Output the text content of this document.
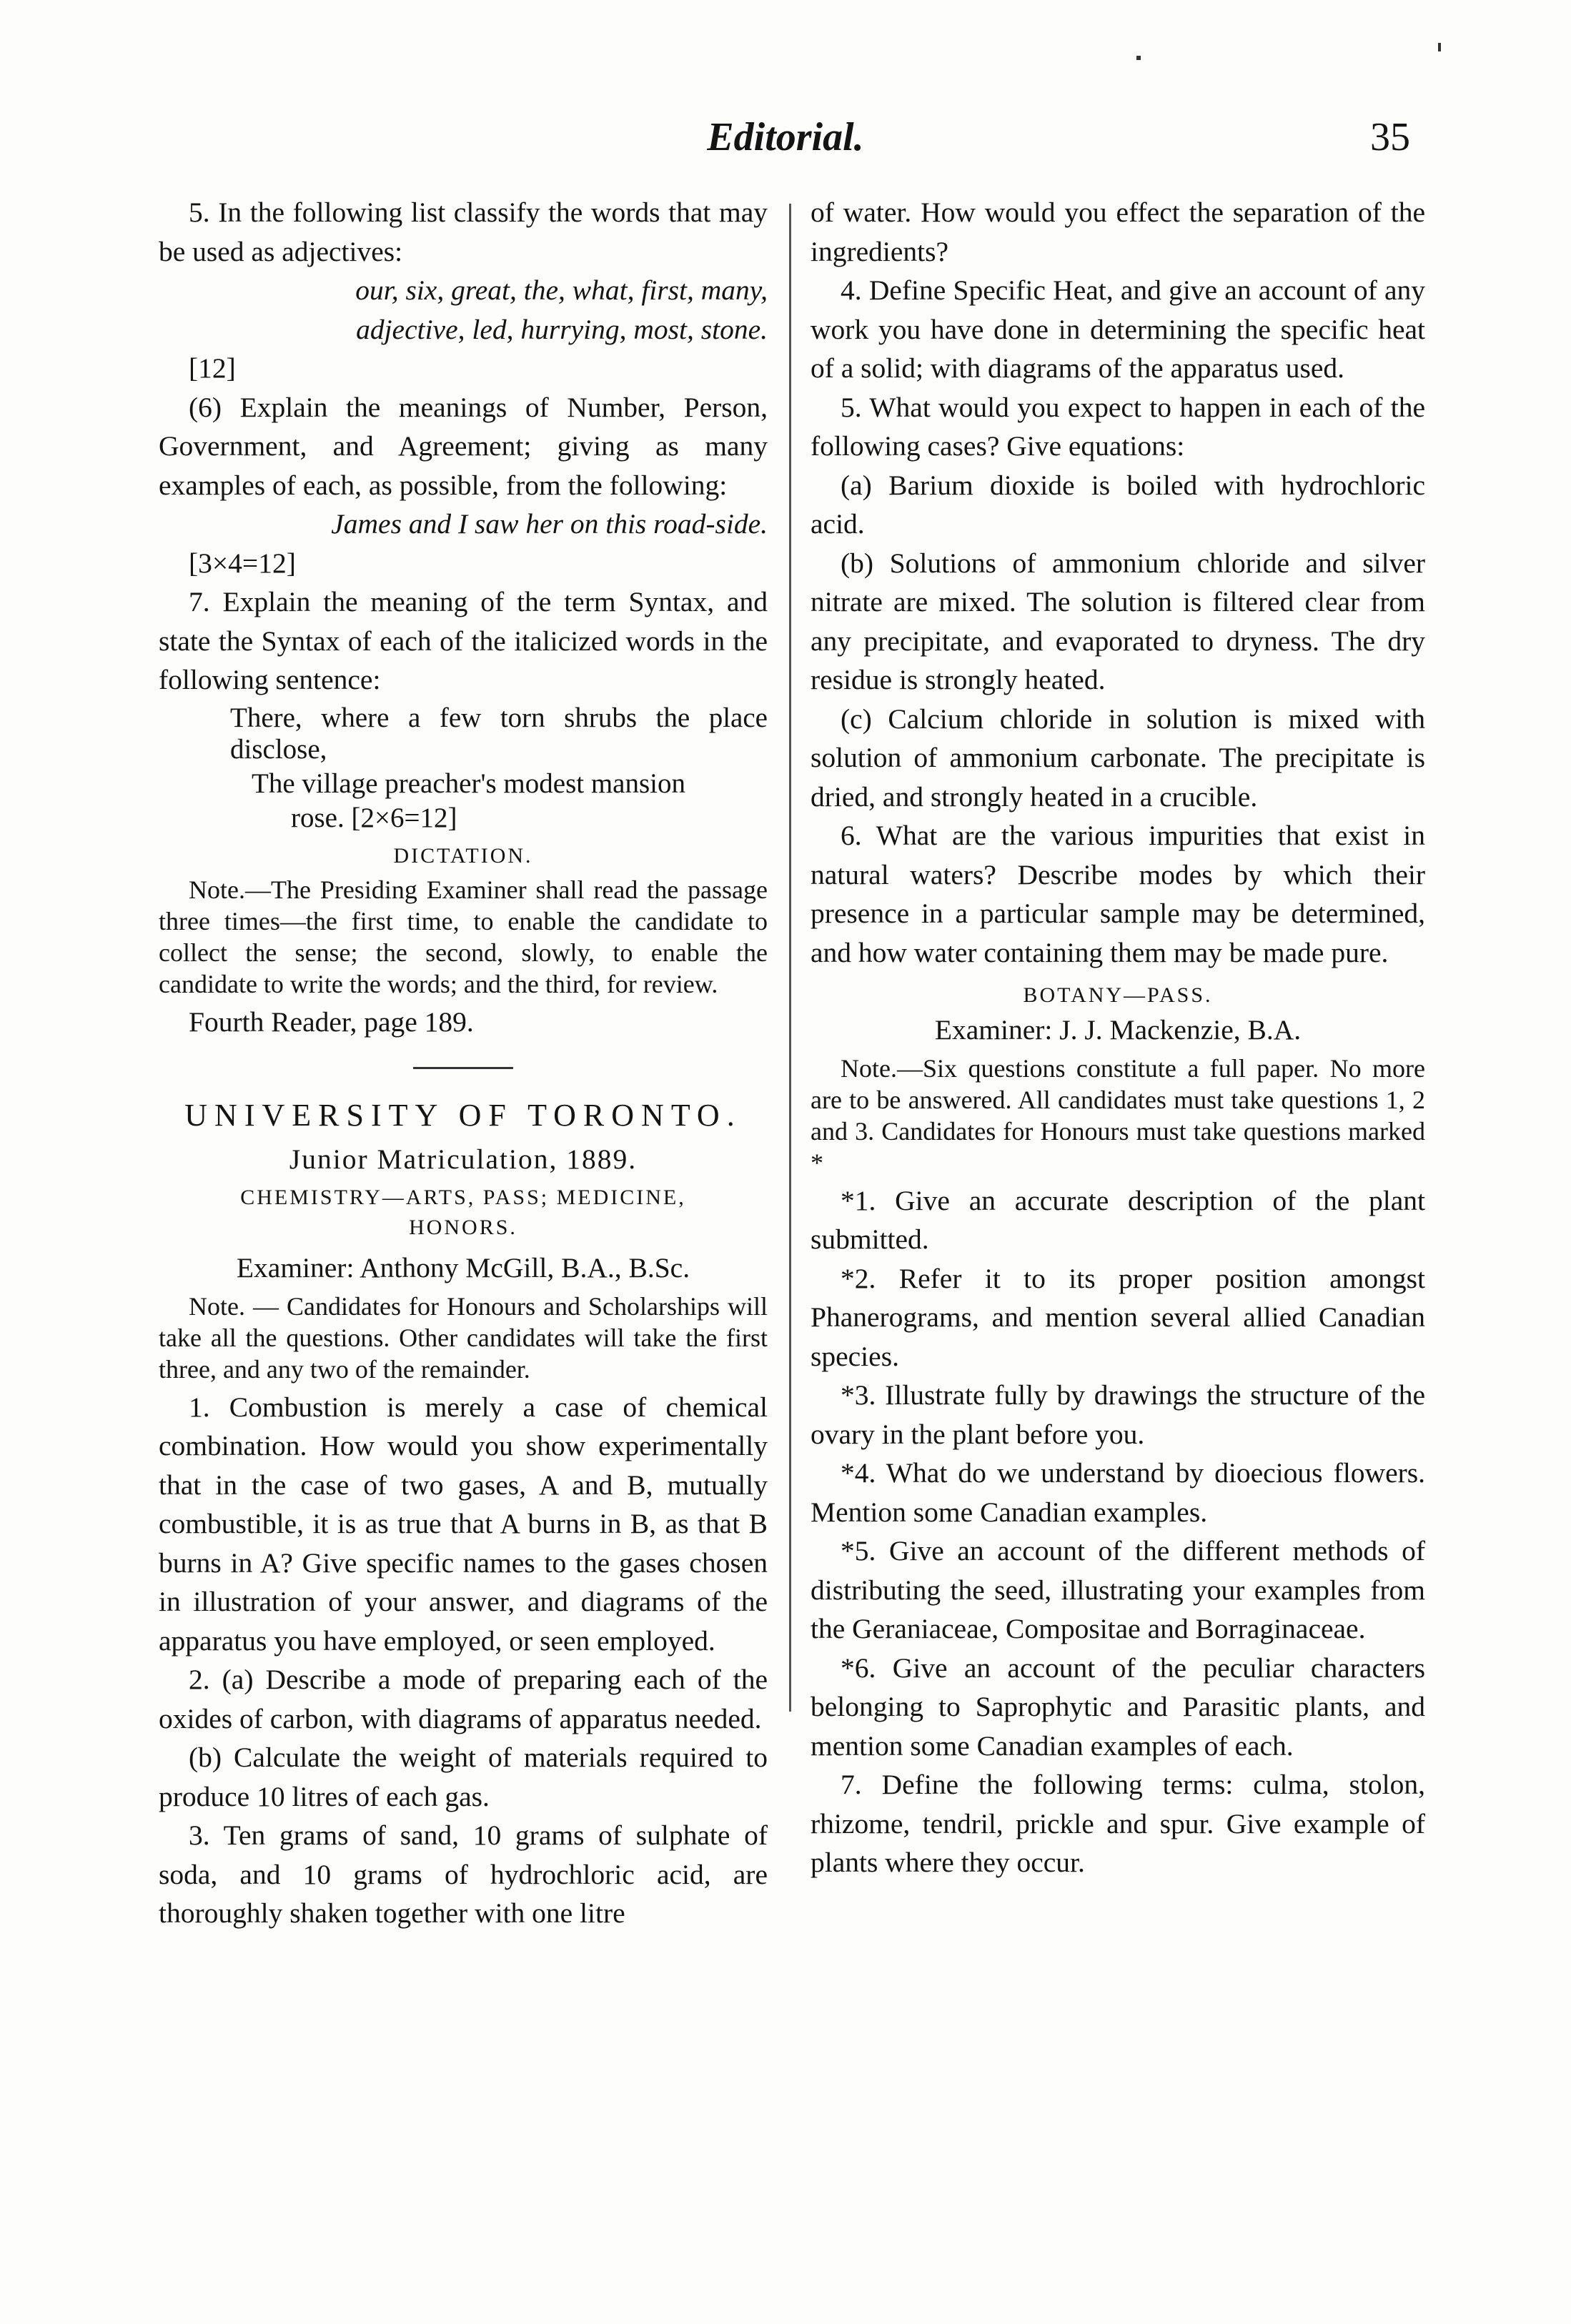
Editorial.	35

5. In the following list classify the words that may be used as adjectives:

our, six, great, the, what, first, many,

adjective, led, hurrying, most, stone.

[12]

(6) Explain the meanings of Number, Person, Government, and Agreement; giving as many examples of each, as possible, from the following:

James and I saw her on this road-side.

[3×4=12]

7. Explain the meaning of the term Syntax, and state the Syntax of each of the italicized words in the following sentence:

There, where a few torn shrubs the place disclose,

The village preacher's modest mansion

rose. [2×6=12]

DICTATION.

Note.—The Presiding Examiner shall read the passage three times—the first time, to enable the candidate to collect the sense; the second, slowly, to enable the candidate to write the words; and the third, for review.

Fourth Reader, page 189.

UNIVERSITY OF TORONTO.

Junior Matriculation, 1889.

CHEMISTRY—ARTS, PASS; MEDICINE, HONORS.

Examiner: Anthony McGill, B.A., B.Sc.

Note. — Candidates for Honours and Scholarships will take all the questions. Other candidates will take the first three, and any two of the remainder.

1. Combustion is merely a case of chemical combination. How would you show experimentally that in the case of two gases, A and B, mutually combustible, it is as true that A burns in B, as that B burns in A? Give specific names to the gases chosen in illustration of your answer, and diagrams of the apparatus you have employed, or seen employed.

2. (a) Describe a mode of preparing each of the oxides of carbon, with diagrams of apparatus needed.

(b) Calculate the weight of materials required to produce 10 litres of each gas.

3. Ten grams of sand, 10 grams of sulphate of soda, and 10 grams of hydrochloric acid, are thoroughly shaken together with one litre

of water. How would you effect the separation of the ingredients?

4. Define Specific Heat, and give an account of any work you have done in determining the specific heat of a solid; with diagrams of the apparatus used.

5. What would you expect to happen in each of the following cases? Give equations:

(a) Barium dioxide is boiled with hydrochloric acid.

(b) Solutions of ammonium chloride and silver nitrate are mixed. The solution is filtered clear from any precipitate, and evaporated to dryness. The dry residue is strongly heated.

(c) Calcium chloride in solution is mixed with solution of ammonium carbonate. The precipitate is dried, and strongly heated in a crucible.

6. What are the various impurities that exist in natural waters? Describe modes by which their presence in a particular sample may be determined, and how water containing them may be made pure.

BOTANY—PASS.

Examiner: J. J. Mackenzie, B.A.

Note.—Six questions constitute a full paper. No more are to be answered. All candidates must take questions 1, 2 and 3. Candidates for Honours must take questions marked *

*1. Give an accurate description of the plant submitted.

*2. Refer it to its proper position amongst Phanerograms, and mention several allied Canadian species.

*3. Illustrate fully by drawings the structure of the ovary in the plant before you.

*4. What do we understand by dioecious flowers. Mention some Canadian examples.

*5. Give an account of the different methods of distributing the seed, illustrating your examples from the Geraniaceae, Compositae and Borraginaceae.

*6. Give an account of the peculiar characters belonging to Saprophytic and Parasitic plants, and mention some Canadian examples of each.

7. Define the following terms: culma, stolon, rhizome, tendril, prickle and spur. Give example of plants where they occur.
